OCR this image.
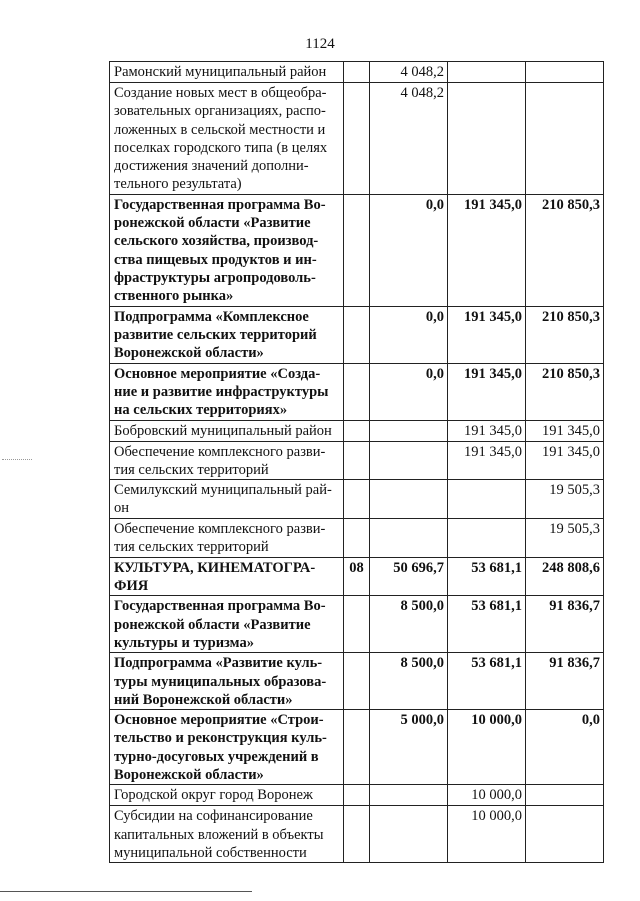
1124
Рамонский муниципальный район		4 048,2		
Создание новых мест в общеобра-зовательных организациях, распо-ложенных в сельской местности и поселках городского типа (в целях достижения значений дополни-тельного результата)		4 048,2		
Государственная программа Во-ронежской области «Развитие сельского хозяйства, производ-ства пищевых продуктов и ин-фраструктуры агропродоволь-ственного рынка»		0,0	191 345,0	210 850,3
Подпрограмма «Комплексное развитие сельских территорий Воронежской области»		0,0	191 345,0	210 850,3
Основное мероприятие «Созда-ние и развитие инфраструктуры на сельских территориях»		0,0	191 345,0	210 850,3
Бобровский муниципальный район			191 345,0	191 345,0
Обеспечение комплексного разви-тия сельских территорий			191 345,0	191 345,0
Семилукский муниципальный рай-он				19 505,3
Обеспечение комплексного разви-тия сельских территорий				19 505,3
КУЛЬТУРА, КИНЕМАТОГРА-ФИЯ	08	50 696,7	53 681,1	248 808,6
Государственная программа Во-ронежской области «Развитие культуры и туризма»		8 500,0	53 681,1	91 836,7
Подпрограмма «Развитие куль-туры муниципальных образова-ний Воронежской области»		8 500,0	53 681,1	91 836,7
Основное мероприятие «Строи-тельство и реконструкция куль-турно-досуговых учреждений в Воронежской области»		5 000,0	10 000,0	0,0
Городской округ город Воронеж			10 000,0	
Субсидии на софинансирование капитальных вложений в объекты муниципальной собственности			10 000,0	
